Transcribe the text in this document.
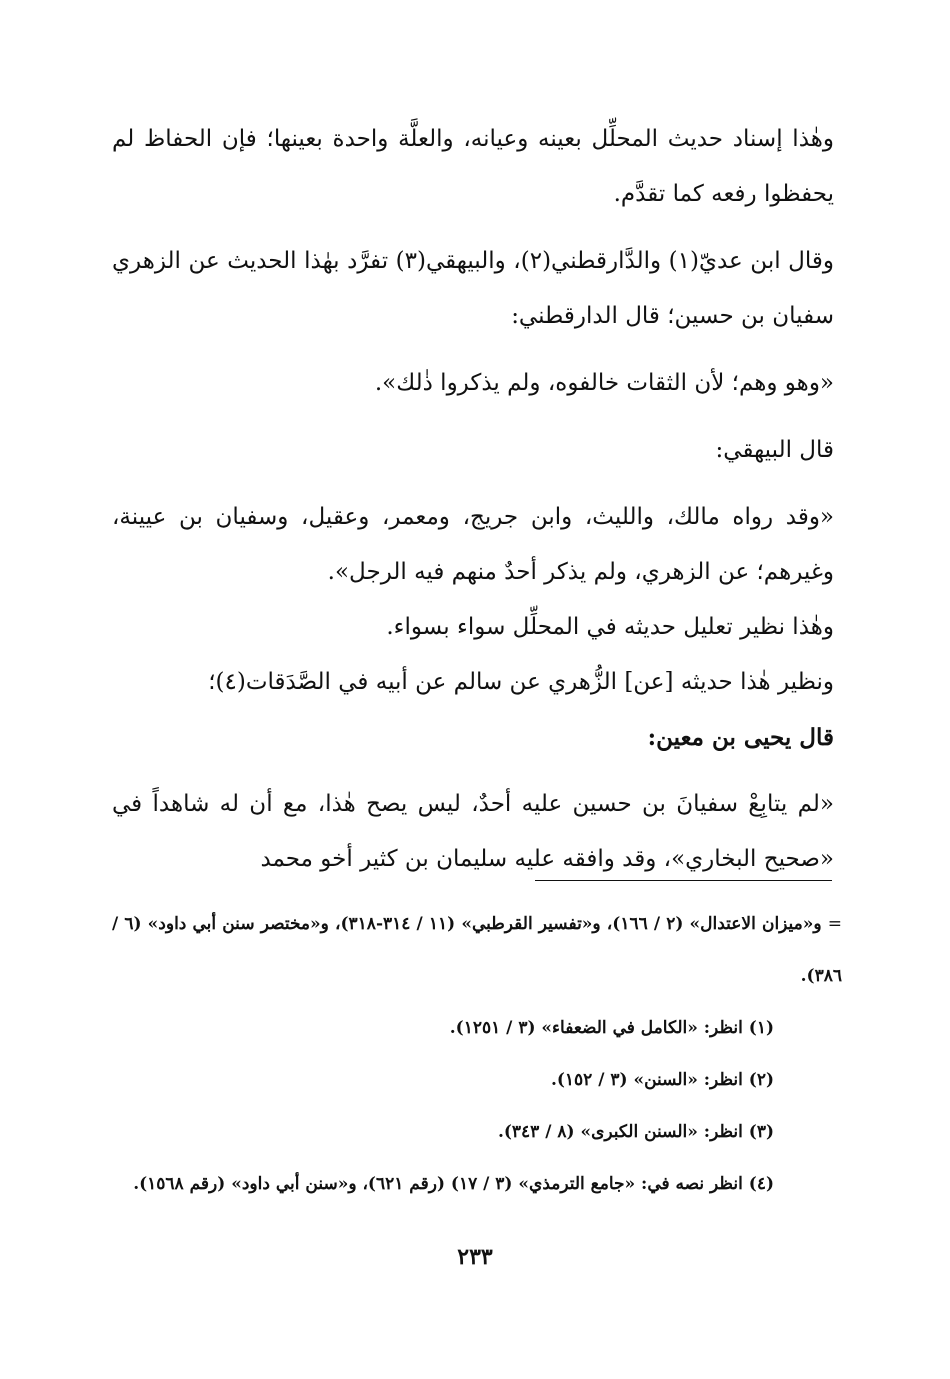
وهٰذا إسناد حديث المحلِّل بعينه وعيانه، والعلَّة واحدة بعينها؛ فإن الحفاظ لم يحفظوا رفعه كما تقدَّم.

وقال ابن عديّ(١) والدَّارقطني(٢)، والبيهقي(٣) تفرَّد بهٰذا الحديث عن الزهري سفيان بن حسين؛ قال الدارقطني:

«وهو وهم؛ لأن الثقات خالفوه، ولم يذكروا ذٰلك».

قال البيهقي:

«وقد رواه مالك، والليث، وابن جريج، ومعمر، وعقيل، وسفيان بن عيينة، وغيرهم؛ عن الزهري، ولم يذكر أحدٌ منهم فيه الرجل».

وهٰذا نظير تعليل حديثه في المحلِّل سواء بسواء.

ونظير هٰذا حديثه [عن] الزُّهري عن سالم عن أبيه في الصَّدَقات(٤)؛

قال يحيى بن معين:

«لم يتابِعْ سفيانَ بن حسين عليه أحدٌ، ليس يصح هٰذا، مع أن له شاهداً في «صحيح البخاري»، وقد وافقه عليه سليمان بن كثير أخو محمد

= و«ميزان الاعتدال» (٢ / ١٦٦)، و«تفسير القرطبي» (١١ / ٣١٤-٣١٨)، و«مختصر سنن أبي داود» (٦ / ٣٨٦).

(١) انظر: «الكامل في الضعفاء» (٣ / ١٢٥١).

(٢) انظر: «السنن» (٣ / ١٥٢).

(٣) انظر: «السنن الكبرى» (٨ / ٣٤٣).

(٤) انظر نصه في: «جامع الترمذي» (٣ / ١٧) (رقم ٦٢١)، و«سنن أبي داود» (رقم ١٥٦٨).

٢٣٣
